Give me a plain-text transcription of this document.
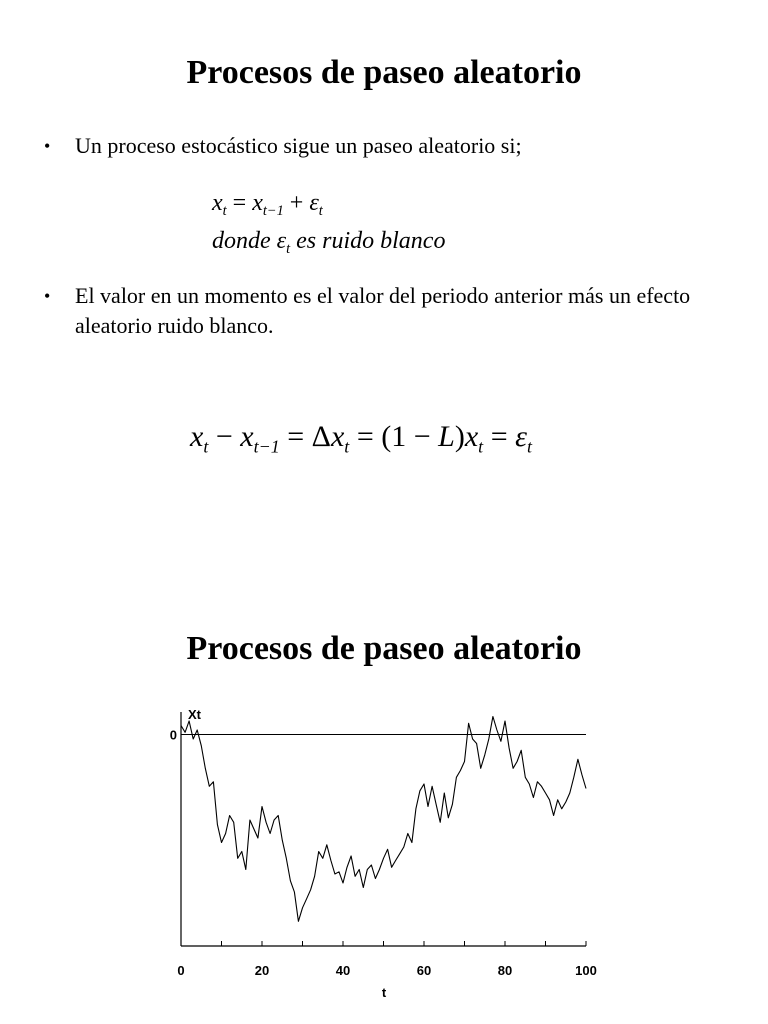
Procesos de paseo aleatorio
• Un proceso estocástico sigue un paseo aleatorio si;
$x_t = x_{t-1} + \varepsilon_t$
donde $\varepsilon_t$ es ruido blanco
• El valor en un momento es el valor del periodo anterior más un efecto aleatorio ruido blanco.
$x_t - x_{t-1} = \Delta x_t = (1 - L)x_t = \varepsilon_t$
Procesos de paseo aleatorio
0	20	40	60	80	100
0
Xt
t
